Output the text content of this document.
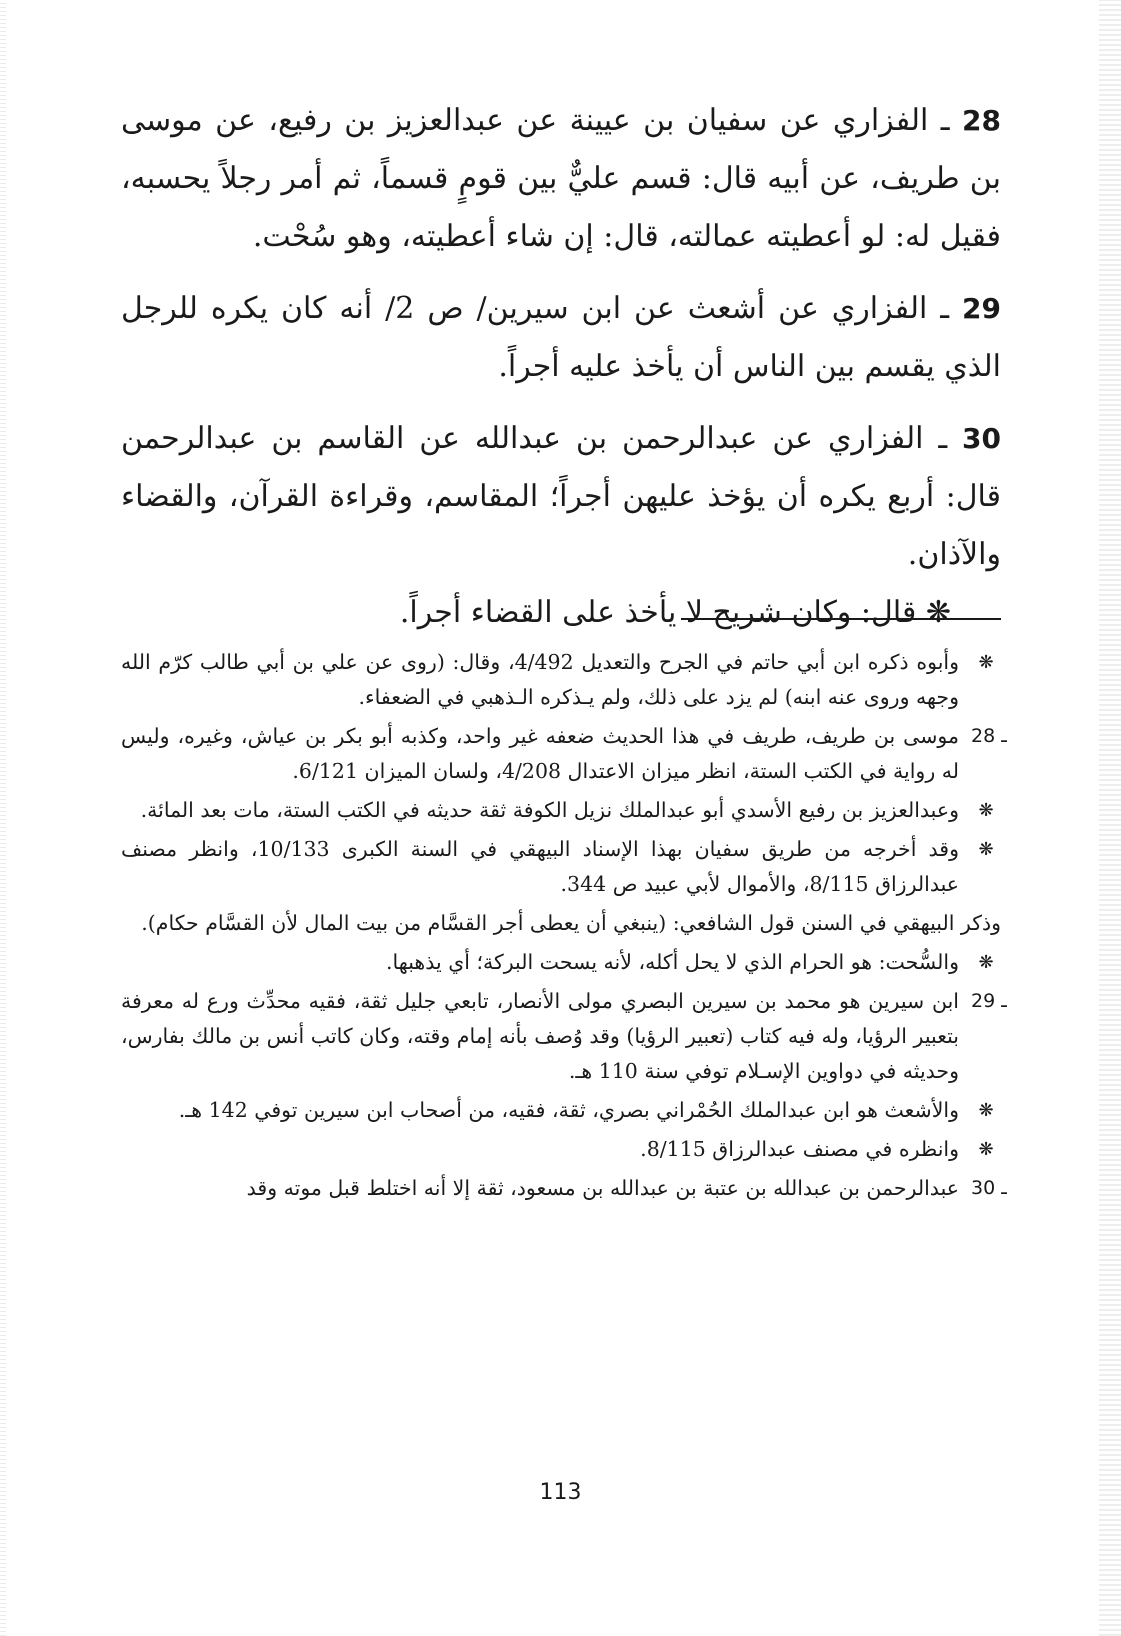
28 ـ الفزاري عن سفيان بن عيينة عن عبدالعزيز بن رفيع، عن موسى بن طريف، عن أبيه قال: قسم عليٌّ بين قومٍ قسماً، ثم أمر رجلاً يحسبه، فقيل له: لو أعطيته عمالته، قال: إن شاء أعطيته، وهو سُحْت.
29 ـ الفزاري عن أشعث عن ابن سيرين/ ص 2/ أنه كان يكره للرجل الذي يقسم بين الناس أن يأخذ عليه أجراً.
30 ـ الفزاري عن عبدالرحمن بن عبدالله عن القاسم بن عبدالرحمن قال: أربع يكره أن يؤخذ عليهن أجراً؛ المقاسم، وقراءة القرآن، والقضاء والآذان.
❋ قال: وكان شريح لا يأخذ على القضاء أجراً.
❋
وأبوه ذكره ابن أبي حاتم في الجرح والتعديل 4/492، وقال: (روى عن علي بن أبي طالب كرّم الله وجهه وروى عنه ابنه) لم يزد على ذلك، ولم يـذكره الـذهبي في الضعفاء.
28 ـ
موسى بن طريف، طريف في هذا الحديث ضعفه غير واحد، وكذبه أبو بكر بن عياش، وغيره، وليس له رواية في الكتب الستة، انظر ميزان الاعتدال 4/208، ولسان الميزان 6/121.
❋
وعبدالعزيز بن رفيع الأسدي أبو عبدالملك نزيل الكوفة ثقة حديثه في الكتب الستة، مات بعد المائة.
❋
وقد أخرجه من طريق سفيان بهذا الإسناد البيهقي في السنة الكبرى 10/133، وانظر مصنف عبدالرزاق 8/115، والأموال لأبي عبيد ص 344.
وذكر البيهقي في السنن قول الشافعي: (ينبغي أن يعطى أجر القسَّام من بيت المال لأن القسَّام حكام).
❋
والسُّحت: هو الحرام الذي لا يحل أكله، لأنه يسحت البركة؛ أي يذهبها.
29 ـ
ابن سيرين هو محمد بن سيرين البصري مولى الأنصار، تابعي جليل ثقة، فقيه محدِّث ورع له معرفة بتعبير الرؤيا، وله فيه كتاب (تعبير الرؤيا) وقد وُصف بأنه إمام وقته، وكان كاتب أنس بن مالك بفارس، وحديثه في دواوين الإسـلام توفي سنة 110 هـ.
❋
والأشعث هو ابن عبدالملك الحُمْراني بصري، ثقة، فقيه، من أصحاب ابن سيرين توفي 142 هـ.
❋
وانظره في مصنف عبدالرزاق 8/115.
30 ـ
عبدالرحمن بن عبدالله بن عتبة بن عبدالله بن مسعود، ثقة إلا أنه اختلط قبل موته وقد
113
